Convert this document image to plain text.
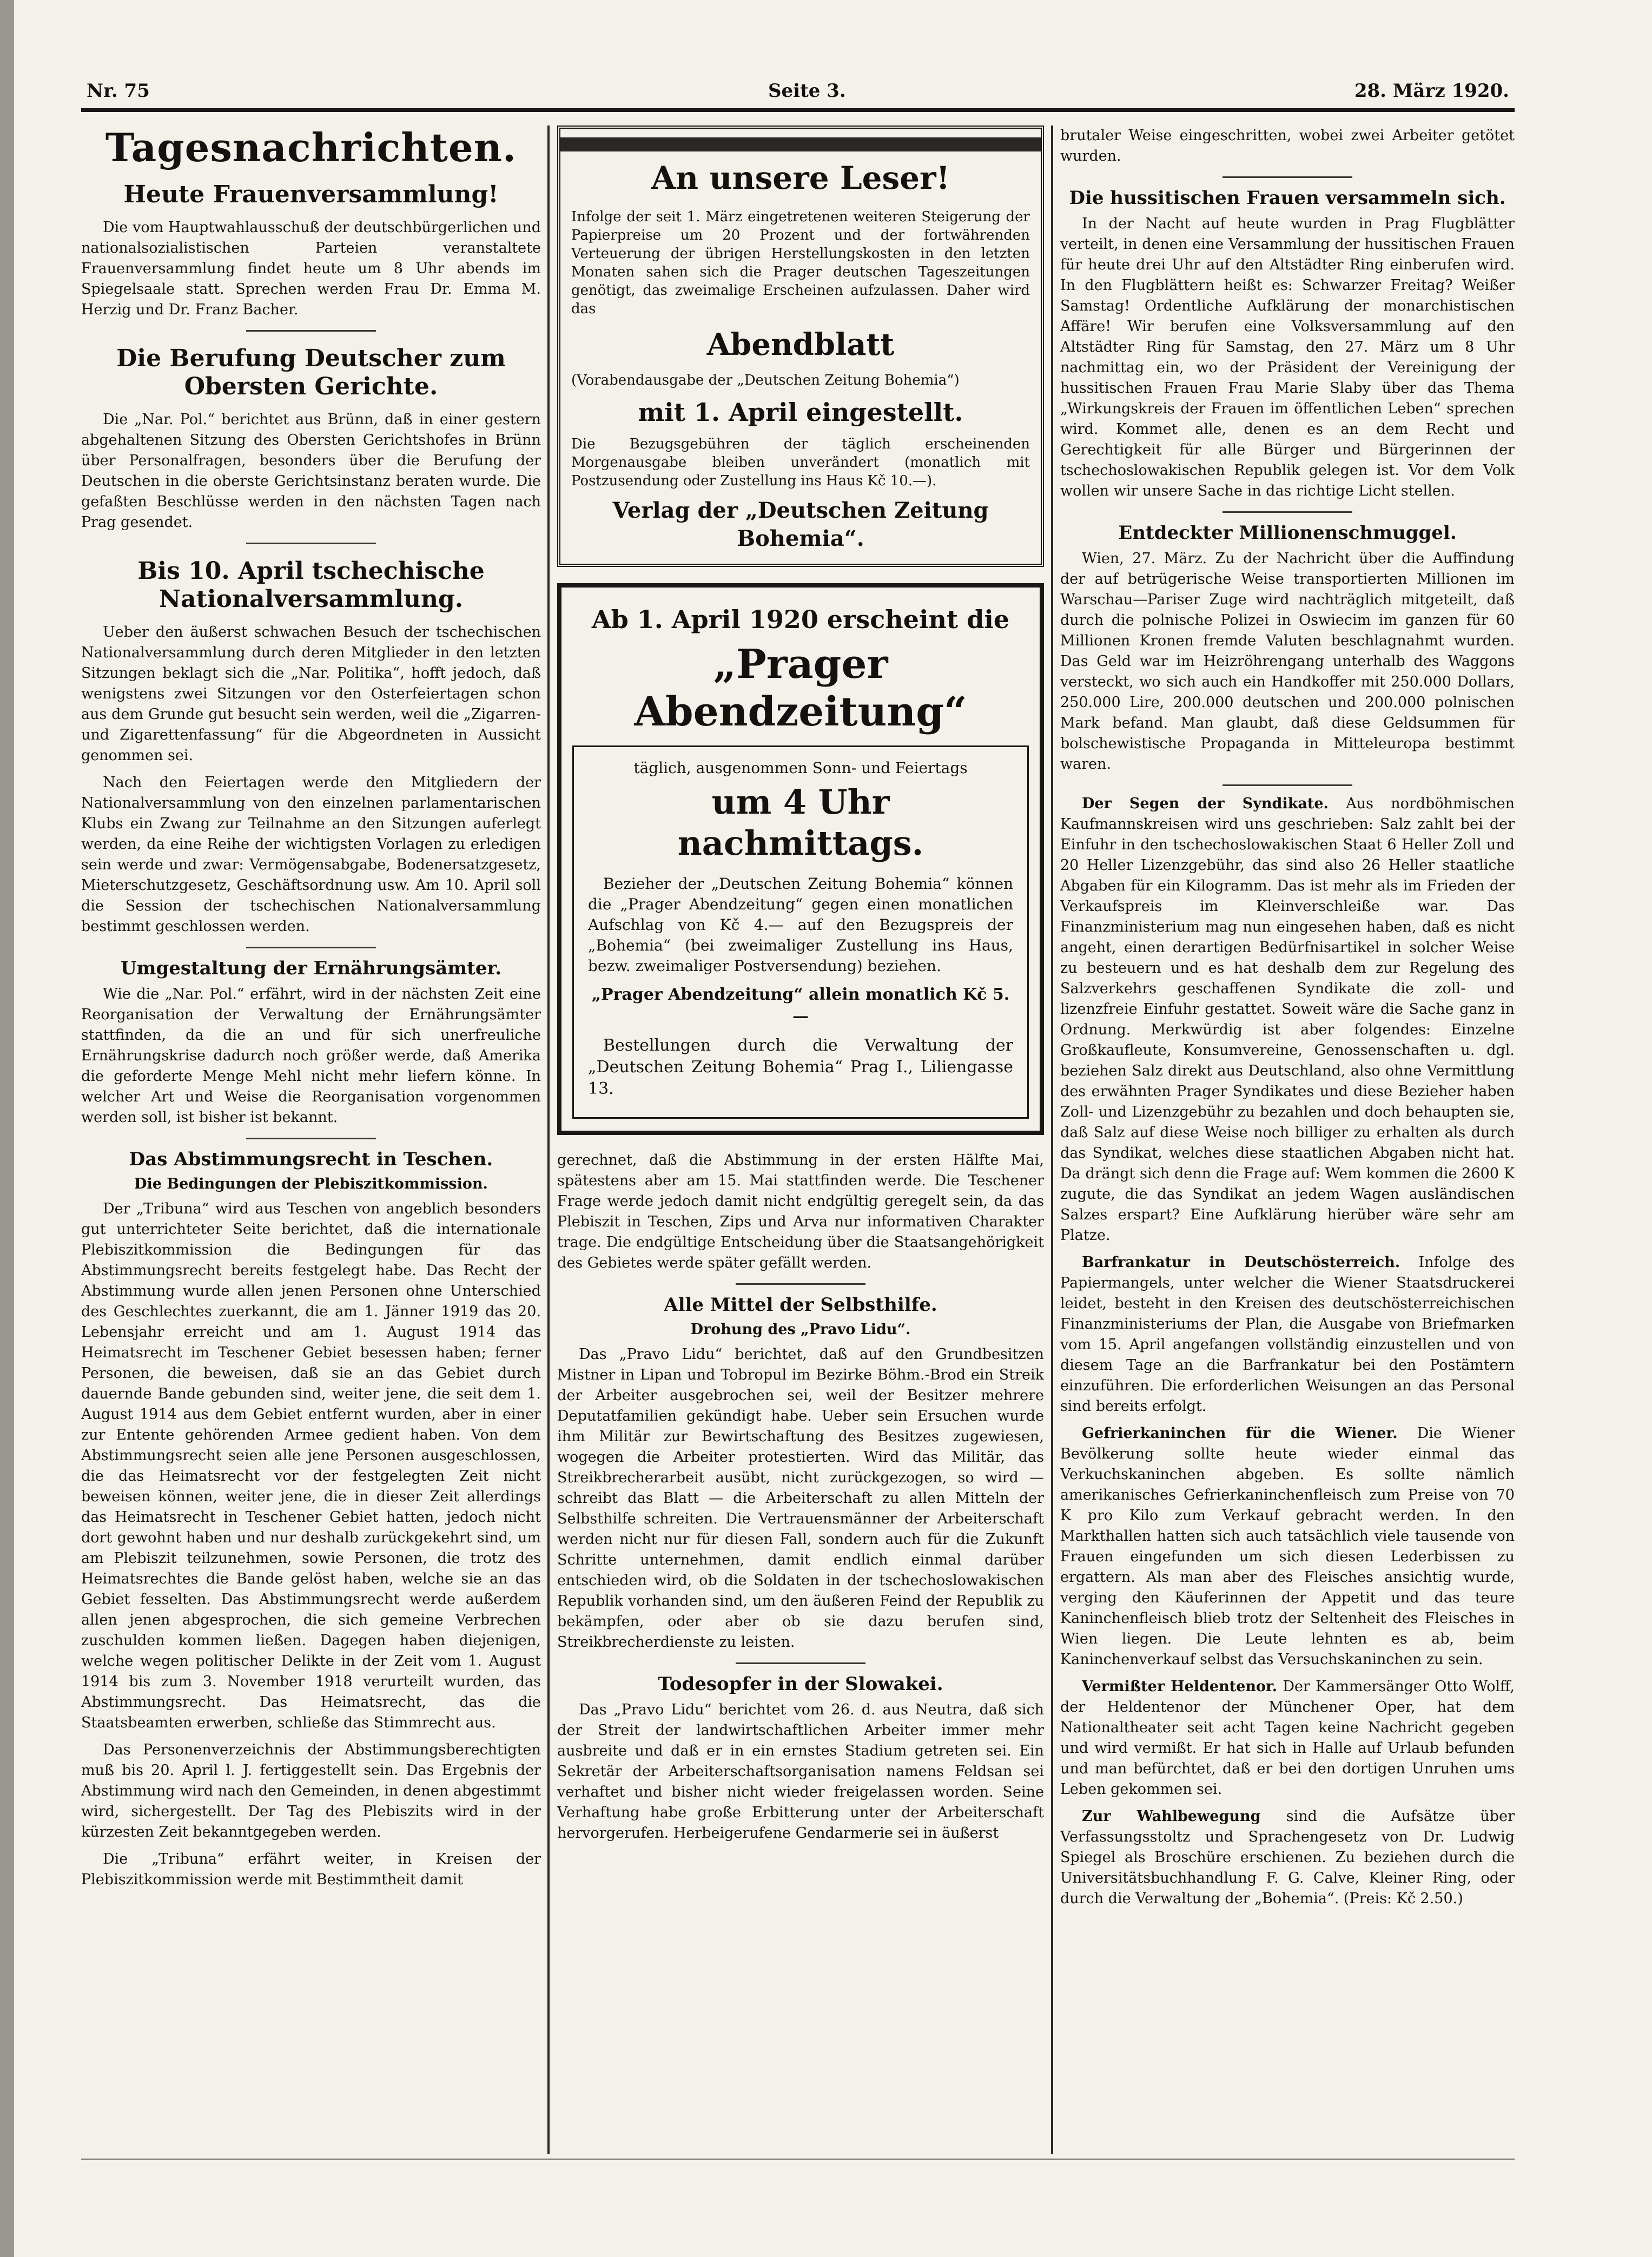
Nr. 75	Seite 3.	28. März 1920.
Tagesnachrichten.
Heute Frauenversammlung!

Die vom Hauptwahlausschuß der deutschbürgerlichen und nationalsozialistischen Parteien veranstaltete Frauenversammlung findet heute um 8 Uhr abends im Spiegelsaale statt. Sprechen werden Frau Dr. Emma M. Herzig und Dr. Franz Bacher.

Die Berufung Deutscher zum Obersten Gerichte.

Die „Nar. Pol.“ berichtet aus Brünn, daß in einer gestern abgehaltenen Sitzung des Obersten Gerichtshofes in Brünn über Personalfragen, besonders über die Berufung der Deutschen in die oberste Gerichtsinstanz beraten wurde. Die gefaßten Beschlüsse werden in den nächsten Tagen nach Prag gesendet.

Bis 10. April tschechische Nationalversammlung.

Ueber den äußerst schwachen Besuch der tschechischen Nationalversammlung durch deren Mitglieder in den letzten Sitzungen beklagt sich die „Nar. Politika“, hofft jedoch, daß wenigstens zwei Sitzungen vor den Osterfeiertagen schon aus dem Grunde gut besucht sein werden, weil die „Zigarren- und Zigarettenfassung“ für die Abgeordneten in Aussicht genommen sei.

Nach den Feiertagen werde den Mitgliedern der Nationalversammlung von den einzelnen parlamentarischen Klubs ein Zwang zur Teilnahme an den Sitzungen auferlegt werden, da eine Reihe der wichtigsten Vorlagen zu erledigen sein werde und zwar: Vermögensabgabe, Bodenersatzgesetz, Mieterschutzgesetz, Geschäftsordnung usw. Am 10. April soll die Session der tschechischen Nationalversammlung bestimmt geschlossen werden.

Umgestaltung der Ernährungsämter.

Wie die „Nar. Pol.“ erfährt, wird in der nächsten Zeit eine Reorganisation der Verwaltung der Ernährungsämter stattfinden, da die an und für sich unerfreuliche Ernährungskrise dadurch noch größer werde, daß Amerika die geforderte Menge Mehl nicht mehr liefern könne. In welcher Art und Weise die Reorganisation vorgenommen werden soll, ist bisher ist bekannt.

Das Abstimmungsrecht in Teschen.
Die Bedingungen der Plebiszitkommission.

Der „Tribuna“ wird aus Teschen von angeblich besonders gut unterrichteter Seite berichtet, daß die internationale Plebiszitkommission die Bedingungen für das Abstimmungsrecht bereits festgelegt habe. Das Recht der Abstimmung wurde allen jenen Personen ohne Unterschied des Geschlechtes zuerkannt, die am 1. Jänner 1919 das 20. Lebensjahr erreicht und am 1. August 1914 das Heimatsrecht im Teschener Gebiet besessen haben; ferner Personen, die beweisen, daß sie an das Gebiet durch dauernde Bande gebunden sind, weiter jene, die seit dem 1. August 1914 aus dem Gebiet entfernt wurden, aber in einer zur Entente gehörenden Armee gedient haben. Von dem Abstimmungsrecht seien alle jene Personen ausgeschlossen, die das Heimatsrecht vor der festgelegten Zeit nicht beweisen können, weiter jene, die in dieser Zeit allerdings das Heimatsrecht in Teschener Gebiet hatten, jedoch nicht dort gewohnt haben und nur deshalb zurückgekehrt sind, um am Plebiszit teilzunehmen, sowie Personen, die trotz des Heimatsrechtes die Bande gelöst haben, welche sie an das Gebiet fesselten. Das Abstimmungsrecht werde außerdem allen jenen abgesprochen, die sich gemeine Verbrechen zuschulden kommen ließen. Dagegen haben diejenigen, welche wegen politischer Delikte in der Zeit vom 1. August 1914 bis zum 3. November 1918 verurteilt wurden, das Abstimmungsrecht. Das Heimatsrecht, das die Staatsbeamten erwerben, schließe das Stimmrecht aus.

Das Personenverzeichnis der Abstimmungsberechtigten muß bis 20. April l. J. fertiggestellt sein. Das Ergebnis der Abstimmung wird nach den Gemeinden, in denen abgestimmt wird, sichergestellt. Der Tag des Plebiszits wird in der kürzesten Zeit bekanntgegeben werden.

Die „Tribuna“ erfährt weiter, in Kreisen der Plebiszitkommission werde mit Bestimmtheit damit

An unsere Leser!

Infolge der seit 1. März eingetretenen weiteren Steigerung der Papierpreise um 20 Prozent und der fortwährenden Verteuerung der übrigen Herstellungskosten in den letzten Monaten sahen sich die Prager deutschen Tageszeitungen genötigt, das zweimalige Erscheinen aufzulassen. Daher wird das

Abendblatt

(Vorabendausgabe der „Deutschen Zeitung Bohemia“)

mit 1. April eingestellt.

Die Bezugsgebühren der täglich erscheinenden Morgenausgabe bleiben unverändert (monatlich mit Postzusendung oder Zustellung ins Haus Kč 10.—).

Verlag der „Deutschen Zeitung Bohemia“.
Ab 1. April 1920 erscheint die
„Prager Abendzeitung“
täglich, ausgenommen Sonn- und Feiertags
um 4 Uhr nachmittags.

Bezieher der „Deutschen Zeitung Bohemia“ können die „Prager Abendzeitung“ gegen einen monatlichen Aufschlag von Kč 4.— auf den Bezugspreis der „Bohemia“ (bei zweimaliger Zustellung ins Haus, bezw. zweimaliger Postversendung) beziehen.

„Prager Abendzeitung“ allein monatlich Kč 5.—

Bestellungen durch die Verwaltung der „Deutschen Zeitung Bohemia“ Prag I., Liliengasse 13.

gerechnet, daß die Abstimmung in der ersten Hälfte Mai, spätestens aber am 15. Mai stattfinden werde. Die Teschener Frage werde jedoch damit nicht endgültig geregelt sein, da das Plebiszit in Teschen, Zips und Arva nur informativen Charakter trage. Die endgültige Entscheidung über die Staatsangehörigkeit des Gebietes werde später gefällt werden.

Alle Mittel der Selbsthilfe.
Drohung des „Pravo Lidu“.

Das „Pravo Lidu“ berichtet, daß auf den Grundbesitzen Mistner in Lipan und Tobropul im Bezirke Böhm.-Brod ein Streik der Arbeiter ausgebrochen sei, weil der Besitzer mehrere Deputatfamilien gekündigt habe. Ueber sein Ersuchen wurde ihm Militär zur Bewirtschaftung des Besitzes zugewiesen, wogegen die Arbeiter protestierten. Wird das Militär, das Streikbrecherarbeit ausübt, nicht zurückgezogen, so wird — schreibt das Blatt — die Arbeiterschaft zu allen Mitteln der Selbsthilfe schreiten. Die Vertrauensmänner der Arbeiterschaft werden nicht nur für diesen Fall, sondern auch für die Zukunft Schritte unternehmen, damit endlich einmal darüber entschieden wird, ob die Soldaten in der tschechoslowakischen Republik vorhanden sind, um den äußeren Feind der Republik zu bekämpfen, oder aber ob sie dazu berufen sind, Streikbrecherdienste zu leisten.

Todesopfer in der Slowakei.

Das „Pravo Lidu“ berichtet vom 26. d. aus Neutra, daß sich der Streit der landwirtschaftlichen Arbeiter immer mehr ausbreite und daß er in ein ernstes Stadium getreten sei. Ein Sekretär der Arbeiterschaftsorganisation namens Feldsan sei verhaftet und bisher nicht wieder freigelassen worden. Seine Verhaftung habe große Erbitterung unter der Arbeiterschaft hervorgerufen. Herbeigerufene Gendarmerie sei in äußerst

brutaler Weise eingeschritten, wobei zwei Arbeiter getötet wurden.

Die hussitischen Frauen versammeln sich.

In der Nacht auf heute wurden in Prag Flugblätter verteilt, in denen eine Versammlung der hussitischen Frauen für heute drei Uhr auf den Altstädter Ring einberufen wird. In den Flugblättern heißt es: Schwarzer Freitag? Weißer Samstag! Ordentliche Aufklärung der monarchistischen Affäre! Wir berufen eine Volksversammlung auf den Altstädter Ring für Samstag, den 27. März um 8 Uhr nachmittag ein, wo der Präsident der Vereinigung der hussitischen Frauen Frau Marie Slaby über das Thema „Wirkungskreis der Frauen im öffentlichen Leben“ sprechen wird. Kommet alle, denen es an dem Recht und Gerechtigkeit für alle Bürger und Bürgerinnen der tschechoslowakischen Republik gelegen ist. Vor dem Volk wollen wir unsere Sache in das richtige Licht stellen.

Entdeckter Millionenschmuggel.

Wien, 27. März. Zu der Nachricht über die Auffindung der auf betrügerische Weise transportierten Millionen im Warschau—Pariser Zuge wird nachträglich mitgeteilt, daß durch die polnische Polizei in Oswiecim im ganzen für 60 Millionen Kronen fremde Valuten beschlagnahmt wurden. Das Geld war im Heizröhrengang unterhalb des Waggons versteckt, wo sich auch ein Handkoffer mit 250.000 Dollars, 250.000 Lire, 200.000 deutschen und 200.000 polnischen Mark befand. Man glaubt, daß diese Geldsummen für bolschewistische Propaganda in Mitteleuropa bestimmt waren.

Der Segen der Syndikate. Aus nordböhmischen Kaufmannskreisen wird uns geschrieben: Salz zahlt bei der Einfuhr in den tschechoslowakischen Staat 6 Heller Zoll und 20 Heller Lizenzgebühr, das sind also 26 Heller staatliche Abgaben für ein Kilogramm. Das ist mehr als im Frieden der Verkaufspreis im Kleinverschleiße war. Das Finanzministerium mag nun eingesehen haben, daß es nicht angeht, einen derartigen Bedürfnisartikel in solcher Weise zu besteuern und es hat deshalb dem zur Regelung des Salzverkehrs geschaffenen Syndikate die zoll- und lizenzfreie Einfuhr gestattet. Soweit wäre die Sache ganz in Ordnung. Merkwürdig ist aber folgendes: Einzelne Großkaufleute, Konsumvereine, Genossenschaften u. dgl. beziehen Salz direkt aus Deutschland, also ohne Vermittlung des erwähnten Prager Syndikates und diese Bezieher haben Zoll- und Lizenzgebühr zu bezahlen und doch behaupten sie, daß Salz auf diese Weise noch billiger zu erhalten als durch das Syndikat, welches diese staatlichen Abgaben nicht hat. Da drängt sich denn die Frage auf: Wem kommen die 2600 K zugute, die das Syndikat an jedem Wagen ausländischen Salzes erspart? Eine Aufklärung hierüber wäre sehr am Platze.

Barfrankatur in Deutschösterreich. Infolge des Papiermangels, unter welcher die Wiener Staatsdruckerei leidet, besteht in den Kreisen des deutschösterreichischen Finanzministeriums der Plan, die Ausgabe von Briefmarken vom 15. April angefangen vollständig einzustellen und von diesem Tage an die Barfrankatur bei den Postämtern einzuführen. Die erforderlichen Weisungen an das Personal sind bereits erfolgt.

Gefrierkaninchen für die Wiener. Die Wiener Bevölkerung sollte heute wieder einmal das Verkuchskaninchen abgeben. Es sollte nämlich amerikanisches Gefrierkaninchenfleisch zum Preise von 70 K pro Kilo zum Verkauf gebracht werden. In den Markthallen hatten sich auch tatsächlich viele tausende von Frauen eingefunden um sich diesen Lederbissen zu ergattern. Als man aber des Fleisches ansichtig wurde, verging den Käuferinnen der Appetit und das teure Kaninchenfleisch blieb trotz der Seltenheit des Fleisches in Wien liegen. Die Leute lehnten es ab, beim Kaninchenverkauf selbst das Versuchskaninchen zu sein.

Vermißter Heldentenor. Der Kammersänger Otto Wolff, der Heldentenor der Münchener Oper, hat dem Nationaltheater seit acht Tagen keine Nachricht gegeben und wird vermißt. Er hat sich in Halle auf Urlaub befunden und man befürchtet, daß er bei den dortigen Unruhen ums Leben gekommen sei.

Zur Wahlbewegung sind die Aufsätze über Verfassungsstoltz und Sprachengesetz von Dr. Ludwig Spiegel als Broschüre erschienen. Zu beziehen durch die Universitätsbuchhandlung F. G. Calve, Kleiner Ring, oder durch die Verwaltung der „Bohemia“. (Preis: Kč 2.50.)
